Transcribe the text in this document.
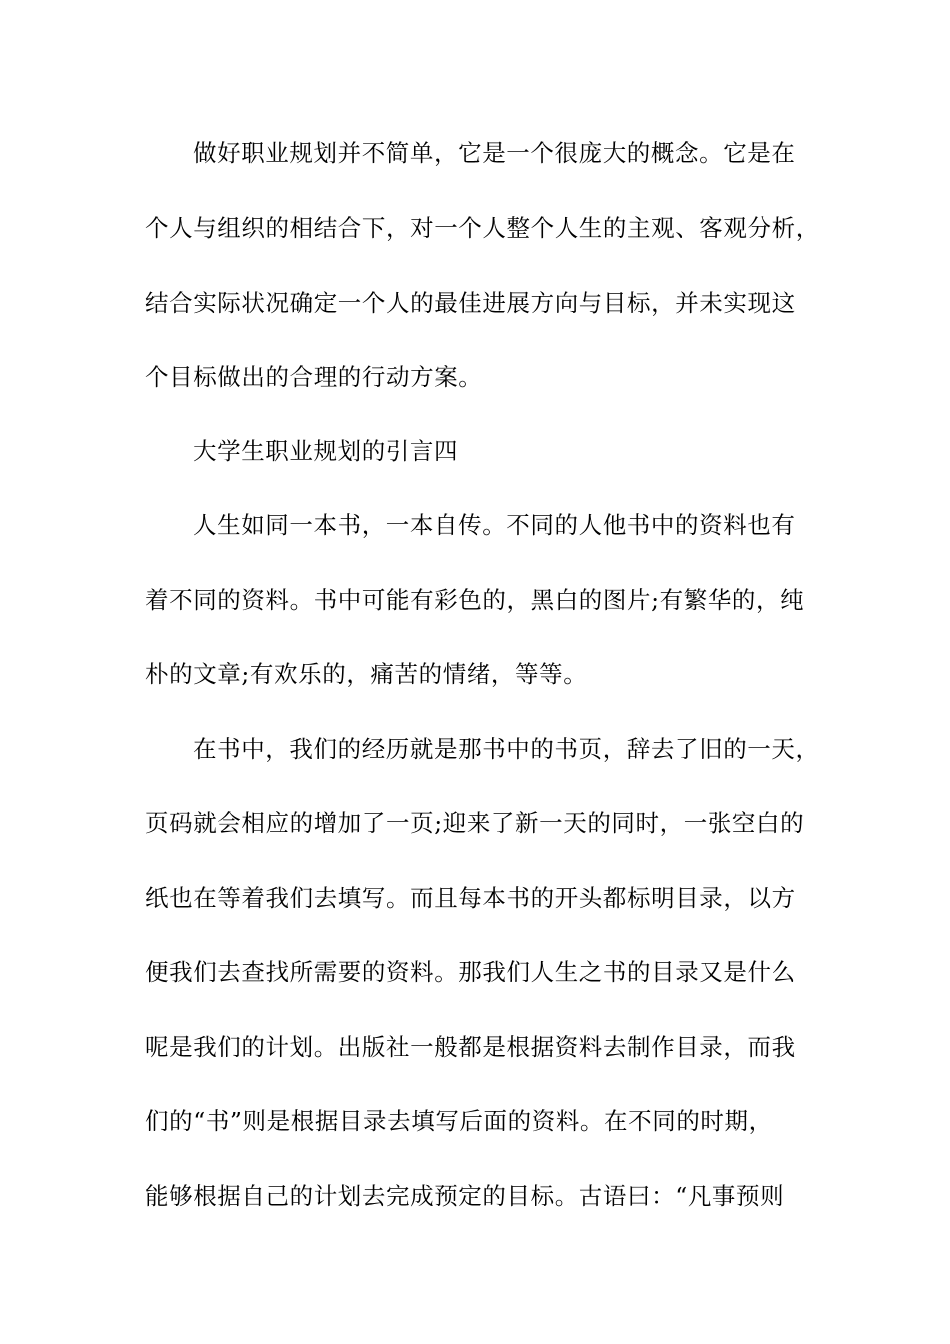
做好职业规划并不简单，它是一个很庞大的概念。它是在
个人与组织的相结合下，对一个人整个人生的主观、客观分析，
结合实际状况确定一个人的最佳进展方向与目标，并未实现这
个目标做出的合理的行动方案。
大学生职业规划的引言四
人生如同一本书，一本自传。不同的人他书中的资料也有
着不同的资料。书中可能有彩色的，黑白的图片;有繁华的，纯
朴的文章;有欢乐的，痛苦的情绪，等等。
在书中，我们的经历就是那书中的书页，辞去了旧的一天，
页码就会相应的增加了一页;迎来了新一天的同时，一张空白的
纸也在等着我们去填写。而且每本书的开头都标明目录，以方
便我们去查找所需要的资料。那我们人生之书的目录又是什么
呢是我们的计划。出版社一般都是根据资料去制作目录，而我
们的“书”则是根据目录去填写后面的资料。在不同的时期，
能够根据自己的计划去完成预定的目标。古语曰：“凡事预则
